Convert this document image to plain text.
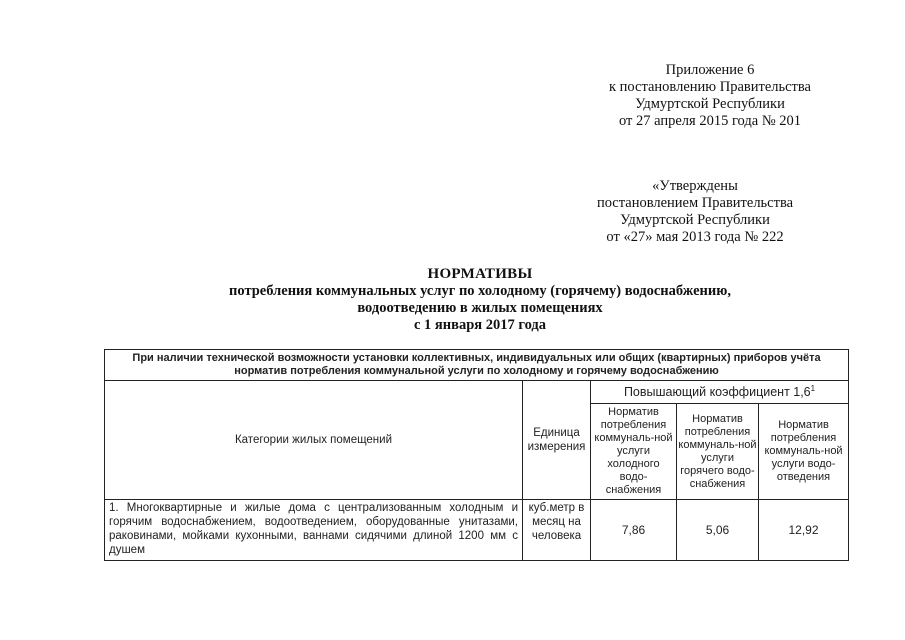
Приложение 6
к постановлению Правительства
Удмуртской Республики
от 27 апреля 2015 года № 201
«Утверждены
постановлением Правительства
Удмуртской Республики
от «27» мая 2013 года № 222
НОРМАТИВЫ
потребления коммунальных услуг по холодному (горячему) водоснабжению,
водоотведению в жилых помещениях
с 1 января 2017 года
При наличии технической возможности установки коллективных, индивидуальных или общих (квартирных) приборов учёта
норматив потребления коммунальной услуги по холодному и горячему водоснабжению				

Категории жилых помещений	Единица измерения	Повышающий коэффициент $1,6^1$
		Норматив потребления коммуналь-ной услуги холодного водо-снабжения	Норматив потребления коммуналь-ной услуги горячего водо-снабжения	Норматив потребления коммуналь-ной услуги водо-отведения
1. Многоквартирные и жилые дома с централизованным холодным и горячим водоснабжением, водоотведением, оборудованные унитазами, раковинами, мойками кухонными, ваннами сидячими длиной 1200 мм с душем	куб.метр в месяц на человека	7,86	5,06	12,92
